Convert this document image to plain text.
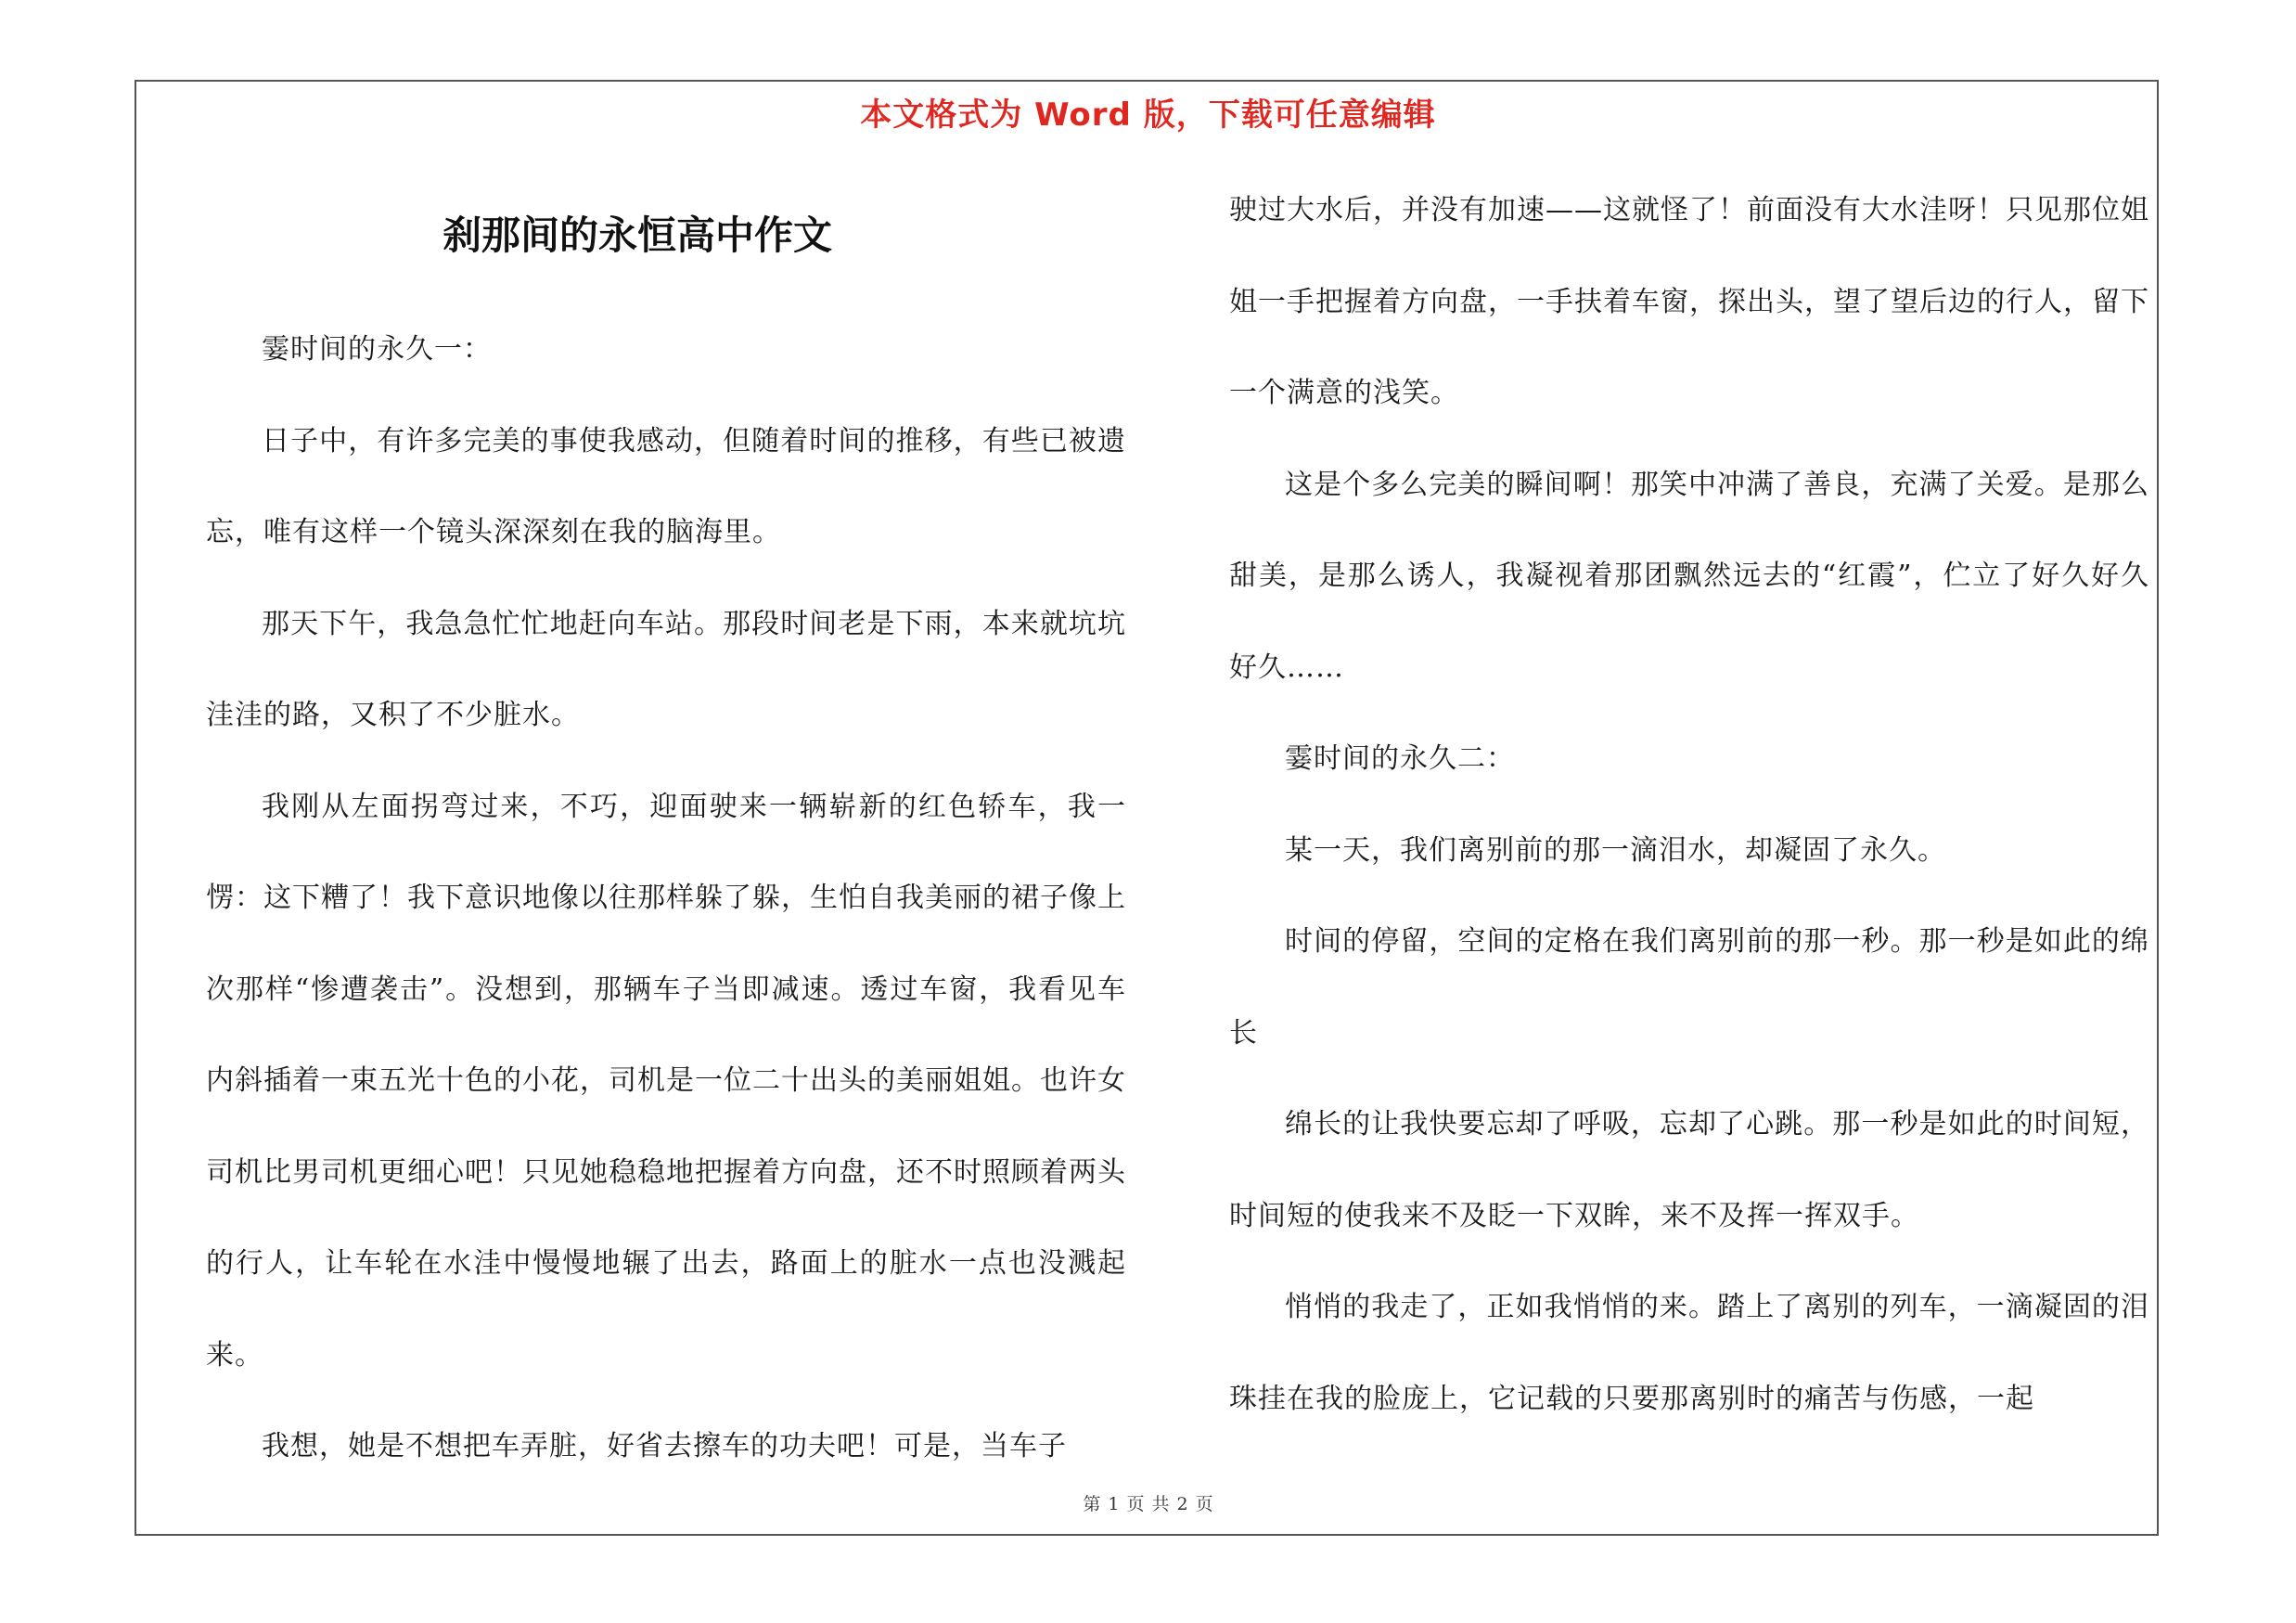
本文格式为 Word 版，下载可任意编辑
刹那间的永恒高中作文

霎时间的永久一：

日子中，有许多完美的事使我感动，但随着时间的推移，有些已被遗忘，唯有这样一个镜头深深刻在我的脑海里。

那天下午，我急急忙忙地赶向车站。那段时间老是下雨，本来就坑坑洼洼的路，又积了不少脏水。

我刚从左面拐弯过来，不巧，迎面驶来一辆崭新的红色轿车，我一愣：这下糟了！我下意识地像以往那样躲了躲，生怕自我美丽的裙子像上次那样“惨遭袭击”。没想到，那辆车子当即减速。透过车窗，我看见车内斜插着一束五光十色的小花，司机是一位二十出头的美丽姐姐。也许女司机比男司机更细心吧！只见她稳稳地把握着方向盘，还不时照顾着两头的行人，让车轮在水洼中慢慢地辗了出去，路面上的脏水一点也没溅起来。

我想，她是不想把车弄脏，好省去擦车的功夫吧！可是，当车子

驶过大水后，并没有加速——这就怪了！前面没有大水洼呀！只见那位姐姐一手把握着方向盘，一手扶着车窗，探出头，望了望后边的行人，留下一个满意的浅笑。

这是个多么完美的瞬间啊！那笑中冲满了善良，充满了关爱。是那么甜美，是那么诱人，我凝视着那团飘然远去的“红霞”，伫立了好久好久好久……

霎时间的永久二：

某一天，我们离别前的那一滴泪水，却凝固了永久。

时间的停留，空间的定格在我们离别前的那一秒。那一秒是如此的绵长

绵长的让我快要忘却了呼吸，忘却了心跳。那一秒是如此的时间短，时间短的使我来不及眨一下双眸，来不及挥一挥双手。

悄悄的我走了，正如我悄悄的来。踏上了离别的列车，一滴凝固的泪珠挂在我的脸庞上，它记载的只要那离别时的痛苦与伤感，一起

第 1 页 共 2 页
